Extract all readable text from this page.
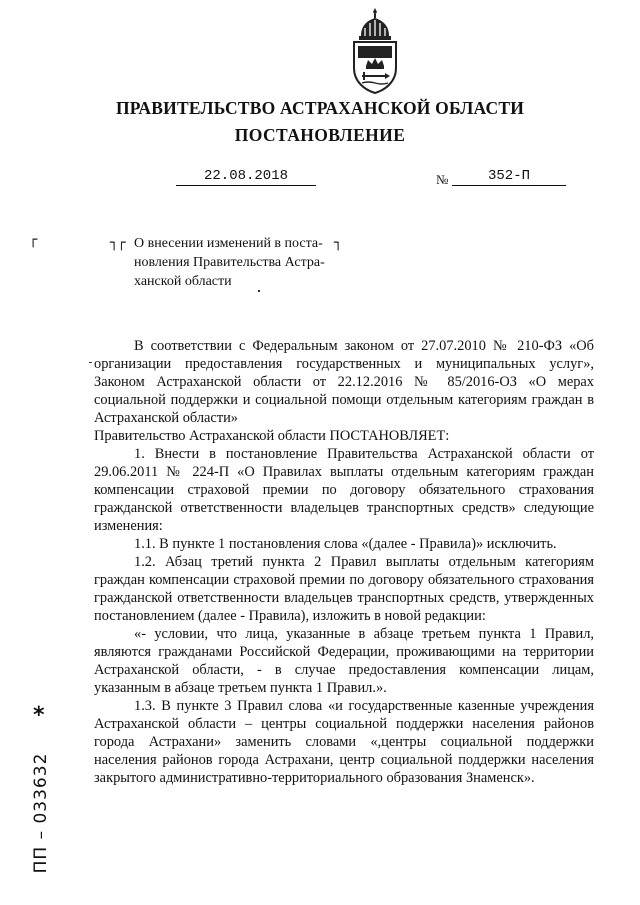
ПРАВИТЕЛЬСТВО АСТРАХАНСКОЙ ОБЛАСТИ
ПОСТАНОВЛЕНИЕ
22.08.2018	№	352-П
┌	┐┌	┐
О внесении изменений в поста-
новления Правительства Астра-
ханской области

В соответствии с Федеральным законом от 27.07.2010 № 210-ФЗ «Об организации предоставления государственных и муниципальных услуг», Законом Астраханской области от 22.12.2016 № 85/2016-ОЗ «О мерах социальной поддержки и социальной помощи отдельным категориям граждан в Астраханской области»

Правительство Астраханской области ПОСТАНОВЛЯЕТ:

1. Внести в постановление Правительства Астраханской области от 29.06.2011 № 224-П «О Правилах выплаты отдельным категориям граждан компенсации страховой премии по договору обязательного страхования гражданской ответственности владельцев транспортных средств» следующие изменения:

1.1. В пункте 1 постановления слова «(далее - Правила)» исключить.

1.2. Абзац третий пункта 2 Правил выплаты отдельным категориям граждан компенсации страховой премии по договору обязательного страхования гражданской ответственности владельцев транспортных средств, утвержденных постановлением (далее - Правила), изложить в новой редакции:

«- условии, что лица, указанные в абзаце третьем пункта 1 Правил, являются гражданами Российской Федерации, проживающими на территории Астраханской области, - в случае предоставления компенсации лицам, указанным в абзаце третьем пункта 1 Правил.».

1.3. В пункте 3 Правил слова «и государственные казенные учреждения Астраханской области – центры социальной поддержки населения районов города Астрахани» заменить словами «,центры социальной поддержки населения районов города Астрахани, центр социальной поддержки населения закрытого административно-территориального образования Знаменск».

*
ПП – 033632
